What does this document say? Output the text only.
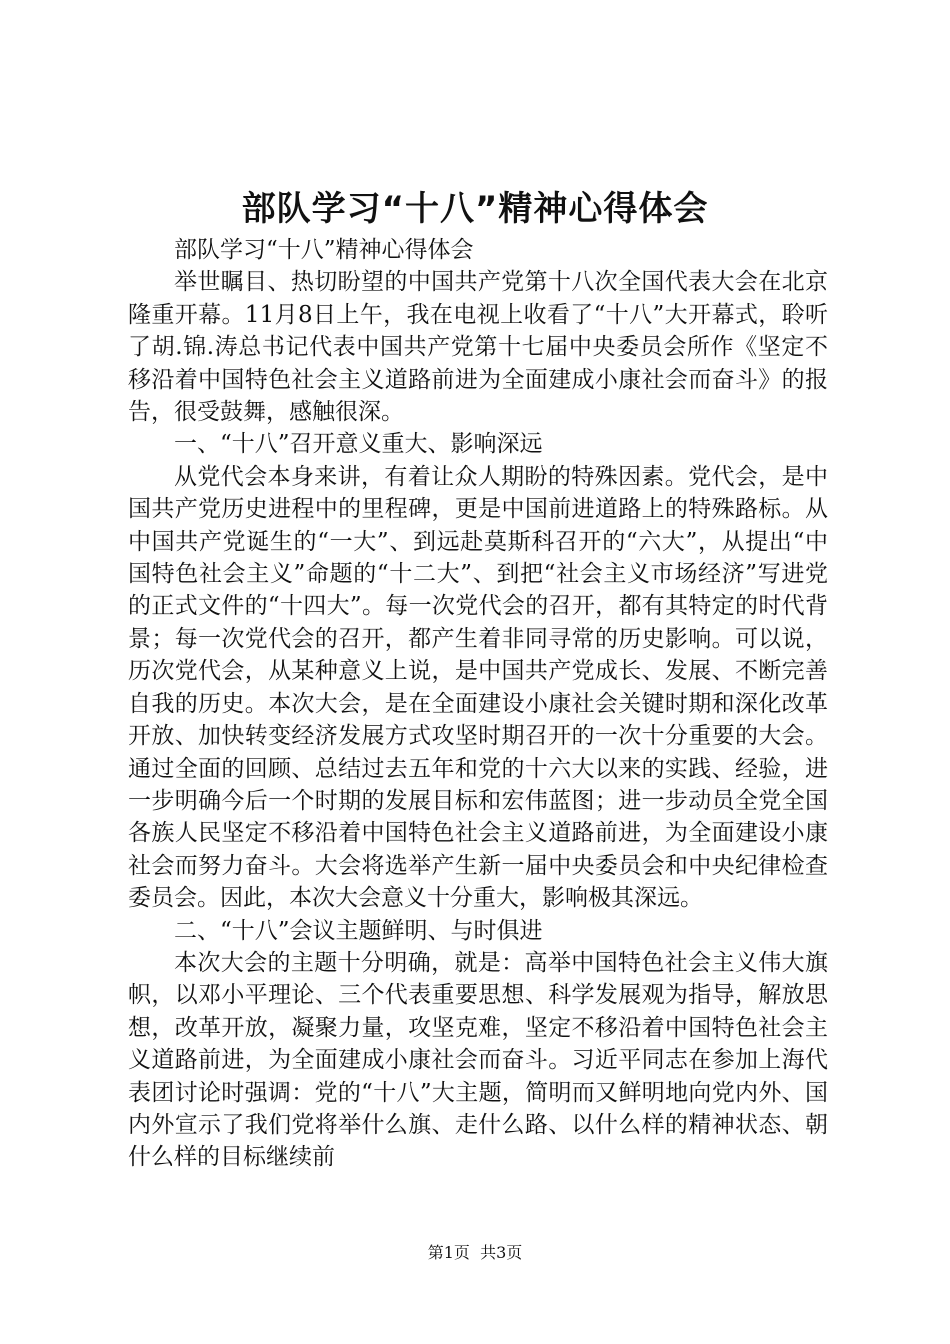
部队学习“十八”精神心得体会

部队学习“十八”精神心得体会

举世瞩目、热切盼望的中国共产党第十八次全国代表大会在北京隆重开幕。11月8日上午，我在电视上收看了“十八”大开幕式，聆听了胡.锦.涛总书记代表中国共产党第十七届中央委员会所作《坚定不移沿着中国特色社会主义道路前进为全面建成小康社会而奋斗》的报告，很受鼓舞，感触很深。

一、“十八”召开意义重大、影响深远

从党代会本身来讲，有着让众人期盼的特殊因素。党代会，是中国共产党历史进程中的里程碑，更是中国前进道路上的特殊路标。从中国共产党诞生的“一大”、到远赴莫斯科召开的“六大”，从提出“中国特色社会主义”命题的“十二大”、到把“社会主义市场经济”写进党的正式文件的“十四大”。每一次党代会的召开，都有其特定的时代背景；每一次党代会的召开，都产生着非同寻常的历史影响。可以说，历次党代会，从某种意义上说，是中国共产党成长、发展、不断完善自我的历史。本次大会，是在全面建设小康社会关键时期和深化改革开放、加快转变经济发展方式攻坚时期召开的一次十分重要的大会。通过全面的回顾、总结过去五年和党的十六大以来的实践、经验，进一步明确今后一个时期的发展目标和宏伟蓝图；进一步动员全党全国各族人民坚定不移沿着中国特色社会主义道路前进，为全面建设小康社会而努力奋斗。大会将选举产生新一届中央委员会和中央纪律检查委员会。因此，本次大会意义十分重大，影响极其深远。

二、“十八”会议主题鲜明、与时俱进

本次大会的主题十分明确，就是：高举中国特色社会主义伟大旗帜，以邓小平理论、三个代表重要思想、科学发展观为指导，解放思想，改革开放，凝聚力量，攻坚克难，坚定不移沿着中国特色社会主义道路前进，为全面建成小康社会而奋斗。习近平同志在参加上海代表团讨论时强调：党的“十八”大主题，简明而又鲜明地向党内外、国内外宣示了我们党将举什么旗、走什么路、以什么样的精神状态、朝什么样的目标继续前

第1页  共3页
